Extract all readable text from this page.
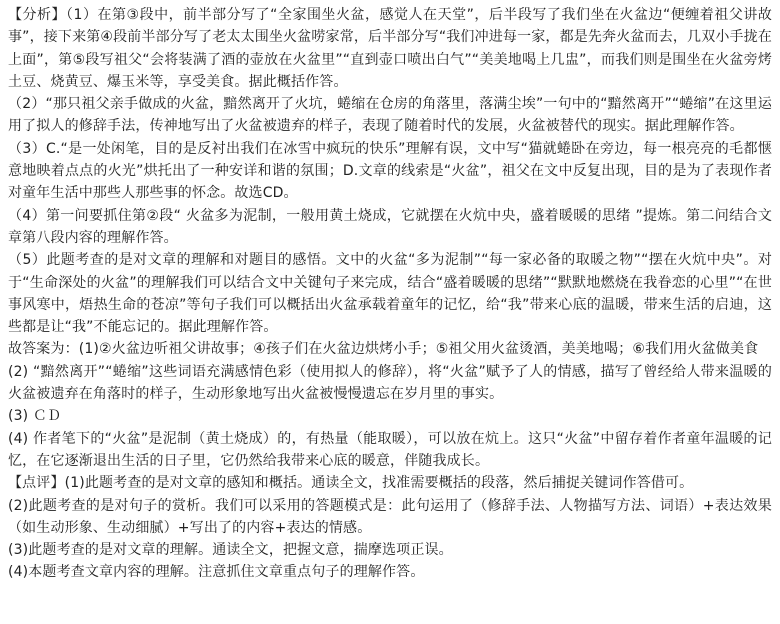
【分析】（1）在第③段中，前半部分写了“全家围坐火盆，感觉人在天堂”，后半段写了我们坐在火盆边“便缠着祖父讲故事”，接下来第④段前半部分写了老太太围坐火盆唠家常，后半部分写“我们冲进每一家，都是先奔火盆而去，几双小手拢在上面”，第⑤段写祖父“会将装满了酒的壶放在火盆里”“直到壶口喷出白气”“美美地喝上几盅”，而我们则是围坐在火盆旁烤土豆、烧黄豆、爆玉米等，享受美食。据此概括作答。

（2）“那只祖父亲手做成的火盆，黯然离开了火坑，蜷缩在仓房的角落里，落满尘埃”一句中的“黯然离开”“蜷缩”在这里运用了拟人的修辞手法，传神地写出了火盆被遗弃的样子，表现了随着时代的发展，火盆被替代的现实。据此理解作答。

（3）C.“是一处闲笔，目的是反衬出我们在冰雪中疯玩的快乐”理解有误，文中写“猫就蜷卧在旁边，每一根亮亮的毛都惬意地映着点点的火光”烘托出了一种安详和谐的氛围；D.文章的线索是“火盆”，祖父在文中反复出现，目的是为了表现作者对童年生活中那些人那些事的怀念。故选CD。

（4）第一问要抓住第②段“ 火盆多为泥制，一般用黄土烧成，它就摆在火炕中央，盛着暖暖的思绪 ”提炼。第二问结合文章第八段内容的理解作答。

（5）此题考查的是对文章的理解和对题目的感悟。文中的火盆“多为泥制”“每一家必备的取暖之物”“摆在火炕中央”。对于“生命深处的火盆”的理解我们可以结合文中关键句子来完成，结合“盛着暖暖的思绪”“默默地燃烧在我眷恋的心里”“在世事风寒中，焐热生命的苍凉”等句子我们可以概括出火盆承载着童年的记忆，给“我”带来心底的温暖，带来生活的启迪，这些都是让“我”不能忘记的。据此理解作答。

故答案为：(1)②火盆边听祖父讲故事；④孩子们在火盆边烘烤小手；⑤祖父用火盆烫酒，美美地喝；⑥我们用火盆做美食

(2) “黯然离开”“蜷缩”这些词语充满感情色彩（使用拟人的修辞），将“火盆”赋予了人的情感，描写了曾经给人带来温暖的火盆被遗弃在角落时的样子，生动形象地写出火盆被慢慢遗忘在岁月里的事实。

(3) ＣＤ

(4) 作者笔下的“火盆”是泥制（黄土烧成）的，有热量（能取暖），可以放在炕上。这只“火盆”中留存着作者童年温暖的记忆，在它逐渐退出生活的日子里，它仍然给我带来心底的暖意，伴随我成长。

【点评】(1)此题考查的是对文章的感知和概括。通读全文，找准需要概括的段落，然后捕捉关键词作答借可。

(2)此题考查的是对句子的赏析。我们可以采用的答题模式是：此句运用了（修辞手法、人物描写方法、词语）+表达效果（如生动形象、生动细腻）+写出了的内容+表达的情感。

(3)此题考查的是对文章的理解。通读全文，把握文意，揣摩选项正误。

(4)本题考查文章内容的理解。注意抓住文章重点句子的理解作答。
